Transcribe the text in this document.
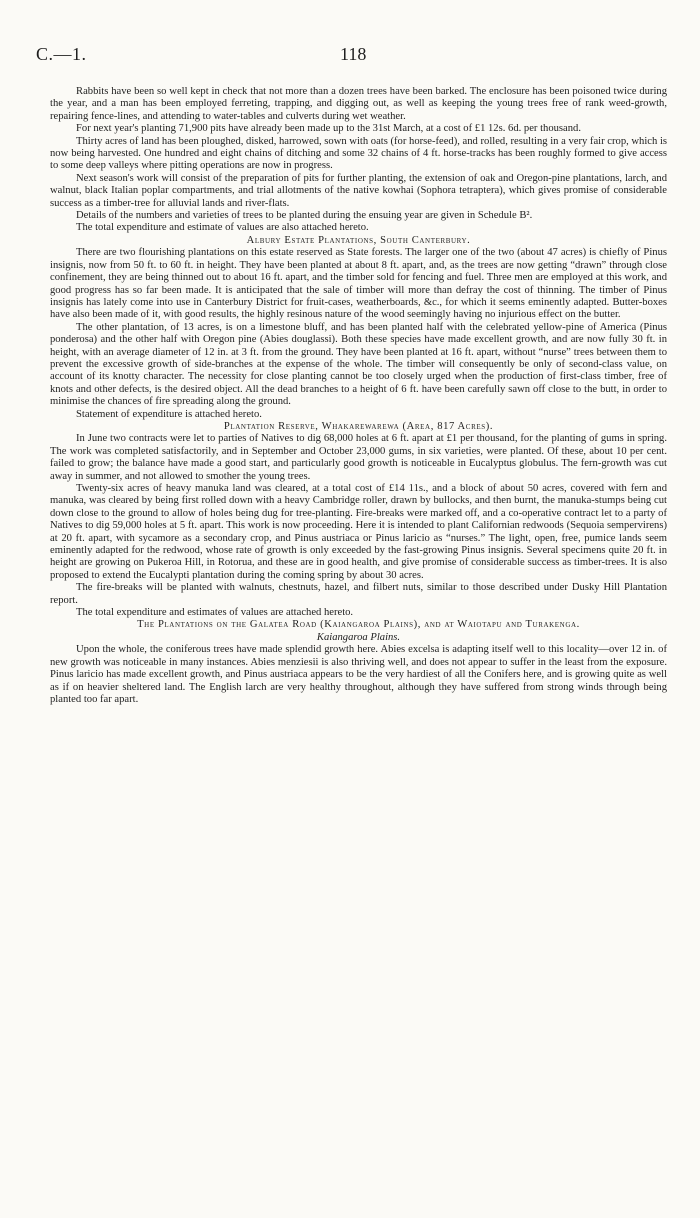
C.—1.	118

Rabbits have been so well kept in check that not more than a dozen trees have been barked. The enclosure has been poisoned twice during the year, and a man has been employed ferreting, trapping, and digging out, as well as keeping the young trees free of rank weed-growth, repairing fence-lines, and attending to water-tables and culverts during wet weather.

For next year's planting 71,900 pits have already been made up to the 31st March, at a cost of £1 12s. 6d. per thousand.

Thirty acres of land has been ploughed, disked, harrowed, sown with oats (for horse-feed), and rolled, resulting in a very fair crop, which is now being harvested. One hundred and eight chains of ditching and some 32 chains of 4 ft. horse-tracks has been roughly formed to give access to some deep valleys where pitting operations are now in progress.

Next season's work will consist of the preparation of pits for further planting, the extension of oak and Oregon-pine plantations, larch, and walnut, black Italian poplar compartments, and trial allotments of the native kowhai (Sophora tetraptera), which gives promise of considerable success as a timber-tree for alluvial lands and river-flats.

Details of the numbers and varieties of trees to be planted during the ensuing year are given in Schedule B².

The total expenditure and estimate of values are also attached hereto.

Albury Estate Plantations, South Canterbury.

There are two flourishing plantations on this estate reserved as State forests. The larger one of the two (about 47 acres) is chiefly of Pinus insignis, now from 50 ft. to 60 ft. in height. They have been planted at about 8 ft. apart, and, as the trees are now getting “drawn” through close confinement, they are being thinned out to about 16 ft. apart, and the timber sold for fencing and fuel. Three men are employed at this work, and good progress has so far been made. It is anticipated that the sale of timber will more than defray the cost of thinning. The timber of Pinus insignis has lately come into use in Canterbury District for fruit-cases, weatherboards, &c., for which it seems eminently adapted. Butter-boxes have also been made of it, with good results, the highly resinous nature of the wood seemingly having no injurious effect on the butter.

The other plantation, of 13 acres, is on a limestone bluff, and has been planted half with the celebrated yellow-pine of America (Pinus ponderosa) and the other half with Oregon pine (Abies douglassi). Both these species have made excellent growth, and are now fully 30 ft. in height, with an average diameter of 12 in. at 3 ft. from the ground. They have been planted at 16 ft. apart, without “nurse” trees between them to prevent the excessive growth of side-branches at the expense of the whole. The timber will consequently be only of second-class value, on account of its knotty character. The necessity for close planting cannot be too closely urged when the production of first-class timber, free of knots and other defects, is the desired object. All the dead branches to a height of 6 ft. have been carefully sawn off close to the butt, in order to minimise the chances of fire spreading along the ground.

Statement of expenditure is attached hereto.

Plantation Reserve, Whakarewarewa (Area, 817 Acres).

In June two contracts were let to parties of Natives to dig 68,000 holes at 6 ft. apart at £1 per thousand, for the planting of gums in spring. The work was completed satisfactorily, and in September and October 23,000 gums, in six varieties, were planted. Of these, about 10 per cent. failed to grow; the balance have made a good start, and particularly good growth is noticeable in Eucalyptus globulus. The fern-growth was cut away in summer, and not allowed to smother the young trees.

Twenty-six acres of heavy manuka land was cleared, at a total cost of £14 11s., and a block of about 50 acres, covered with fern and manuka, was cleared by being first rolled down with a heavy Cambridge roller, drawn by bullocks, and then burnt, the manuka-stumps being cut down close to the ground to allow of holes being dug for tree-planting. Fire-breaks were marked off, and a co-operative contract let to a party of Natives to dig 59,000 holes at 5 ft. apart. This work is now proceeding. Here it is intended to plant Californian redwoods (Sequoia sempervirens) at 20 ft. apart, with sycamore as a secondary crop, and Pinus austriaca or Pinus laricio as “nurses.” The light, open, free, pumice lands seem eminently adapted for the redwood, whose rate of growth is only exceeded by the fast-growing Pinus insignis. Several specimens quite 20 ft. in height are growing on Pukeroa Hill, in Rotorua, and these are in good health, and give promise of considerable success as timber-trees. It is also proposed to extend the Eucalypti plantation during the coming spring by about 30 acres.

The fire-breaks will be planted with walnuts, chestnuts, hazel, and filbert nuts, similar to those described under Dusky Hill Plantation report.

The total expenditure and estimates of values are attached hereto.

The Plantations on the Galatea Road (Kaiangaroa Plains), and at Waiotapu and Turakenga.

Kaiangaroa Plains.

Upon the whole, the coniferous trees have made splendid growth here. Abies excelsa is adapting itself well to this locality—over 12 in. of new growth was noticeable in many instances. Abies menziesii is also thriving well, and does not appear to suffer in the least from the exposure. Pinus laricio has made excellent growth, and Pinus austriaca appears to be the very hardiest of all the Conifers here, and is growing quite as well as if on heavier sheltered land. The English larch are very healthy throughout, although they have suffered from strong winds through being planted too far apart.
